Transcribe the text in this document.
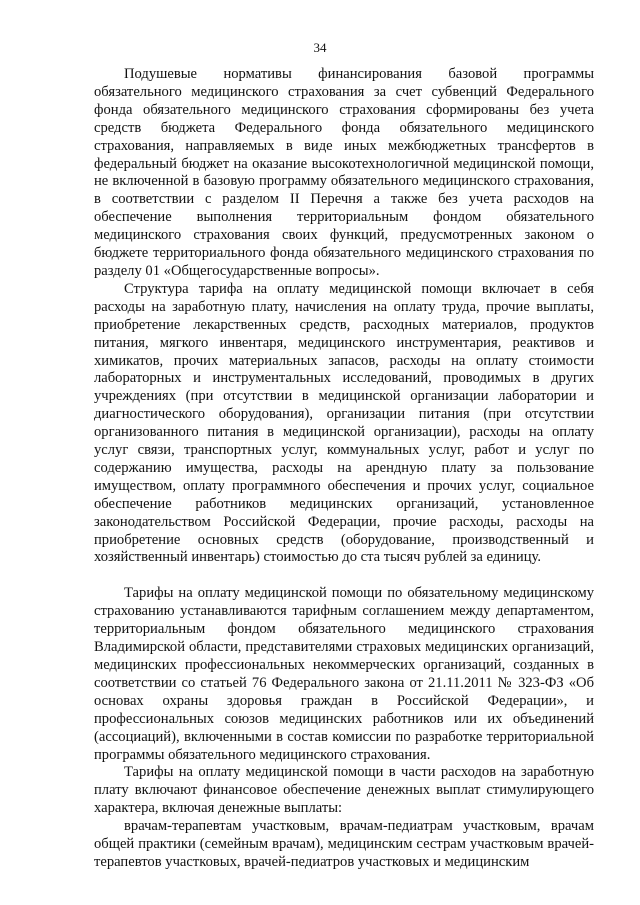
34

Подушевые нормативы финансирования базовой программы обязательного медицинского страхования за счет субвенций Федерального фонда обязательного медицинского страхования сформированы без учета средств бюджета Федерального фонда обязательного медицинского страхования, направляемых в виде иных межбюджетных трансфертов в федеральный бюджет на оказание высокотехнологичной медицинской помощи, не включенной в базовую программу обязательного медицинского страхования, в соответствии с разделом II Перечня а также без учета расходов на обеспечение выполнения территориальным фондом обязательного медицинского страхования своих функций, предусмотренных законом о бюджете территориального фонда обязательного медицинского страхования по разделу 01 «Общегосударственные вопросы».

Структура тарифа на оплату медицинской помощи включает в себя расходы на заработную плату, начисления на оплату труда, прочие выплаты, приобретение лекарственных средств, расходных материалов, продуктов питания, мягкого инвентаря, медицинского инструментария, реактивов и химикатов, прочих материальных запасов, расходы на оплату стоимости лабораторных и инструментальных исследований, проводимых в других учреждениях (при отсутствии в медицинской организации лаборатории и диагностического оборудования), организации питания (при отсутствии организованного питания в медицинской организации), расходы на оплату услуг связи, транспортных услуг, коммунальных услуг, работ и услуг по содержанию имущества, расходы на арендную плату за пользование имуществом, оплату программного обеспечения и прочих услуг, социальное обеспечение работников медицинских организаций, установленное законодательством Российской Федерации, прочие расходы, расходы на приобретение основных средств (оборудование, производственный и хозяйственный инвентарь) стоимостью до ста тысяч рублей за единицу.

Тарифы на оплату медицинской помощи по обязательному медицинскому страхованию устанавливаются тарифным соглашением между департаментом, территориальным фондом обязательного медицинского страхования Владимирской области, представителями страховых медицинских организаций, медицинских профессиональных некоммерческих организаций, созданных в соответствии со статьей 76 Федерального закона от 21.11.2011 № 323-ФЗ «Об основах охраны здоровья граждан в Российской Федерации», и профессиональных союзов медицинских работников или их объединений (ассоциаций), включенными в состав комиссии по разработке территориальной программы обязательного медицинского страхования.

Тарифы на оплату медицинской помощи в части расходов на заработную плату включают финансовое обеспечение денежных выплат стимулирующего характера, включая денежные выплаты:

врачам-терапевтам участковым, врачам-педиатрам участковым, врачам общей практики (семейным врачам), медицинским сестрам участковым врачей-терапевтов участковых, врачей-педиатров участковых и медицинским
